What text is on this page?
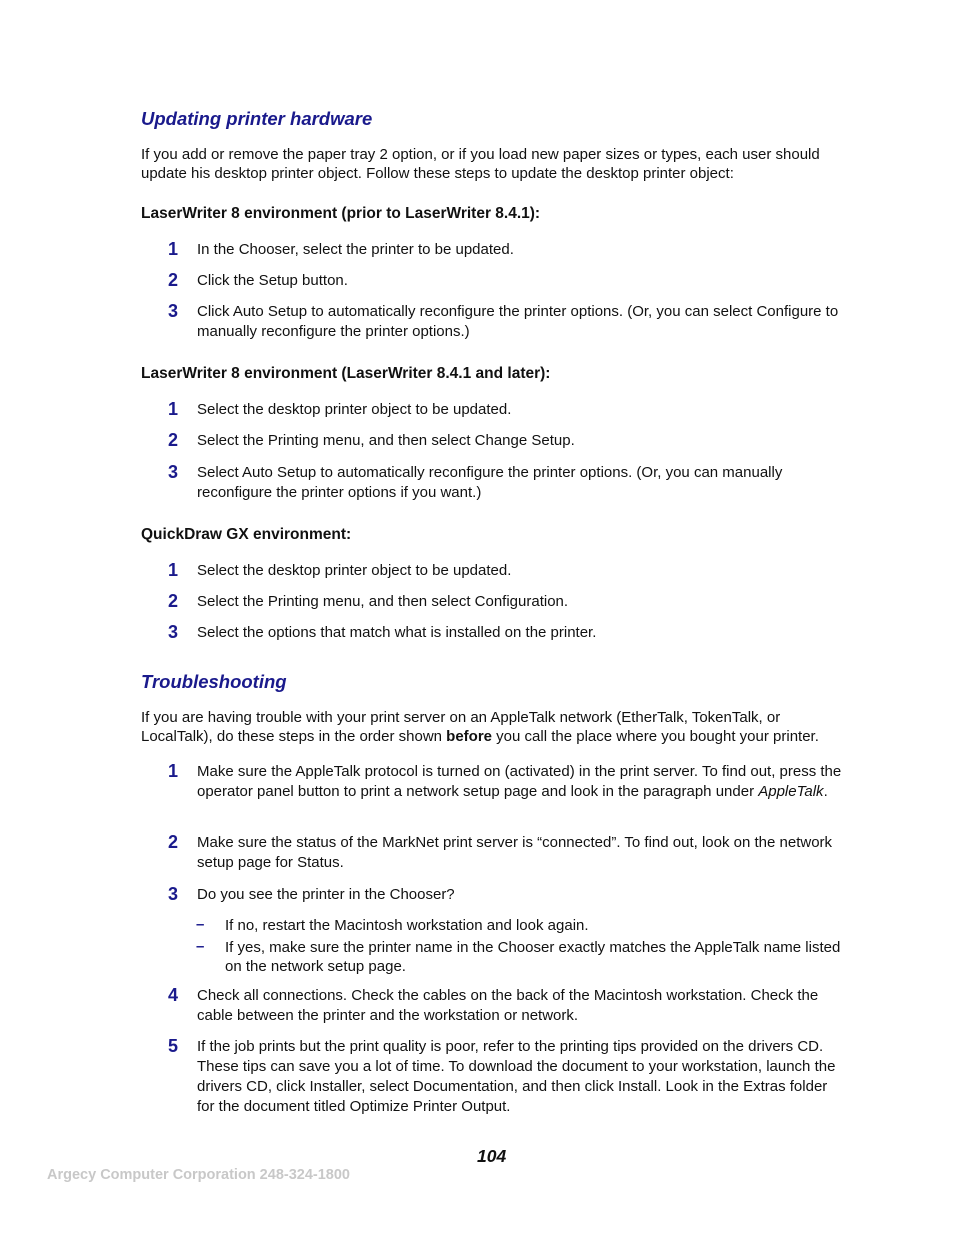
Updating printer hardware
If you add or remove the paper tray 2 option, or if you load new paper sizes or types, each user should update his desktop printer object. Follow these steps to update the desktop printer object:
LaserWriter 8 environment (prior to LaserWriter 8.4.1):
1	In the Chooser, select the printer to be updated.
2	Click the Setup button.
3	Click Auto Setup to automatically reconfigure the printer options. (Or, you can select Configure to manually reconfigure the printer options.)
LaserWriter 8 environment (LaserWriter 8.4.1 and later):
1	Select the desktop printer object to be updated.
2	Select the Printing menu, and then select Change Setup.
3	Select Auto Setup to automatically reconfigure the printer options. (Or, you can manually reconfigure the printer options if you want.)
QuickDraw GX environment:
1	Select the desktop printer object to be updated.
2	Select the Printing menu, and then select Configuration.
3	Select the options that match what is installed on the printer.
Troubleshooting
If you are having trouble with your print server on an AppleTalk network (EtherTalk, TokenTalk, or LocalTalk), do these steps in the order shown before you call the place where you bought your printer.
1	Make sure the AppleTalk protocol is turned on (activated) in the print server. To find out, press the operator panel button to print a network setup page and look in the paragraph under AppleTalk.
2	Make sure the status of the MarkNet print server is “connected”. To find out, look on the network setup page for Status.
3	Do you see the printer in the Chooser?
– If no, restart the Macintosh workstation and look again.
– If yes, make sure the printer name in the Chooser exactly matches the AppleTalk name listed on the network setup page.
4	Check all connections. Check the cables on the back of the Macintosh workstation. Check the cable between the printer and the workstation or network.
5	If the job prints but the print quality is poor, refer to the printing tips provided on the drivers CD. These tips can save you a lot of time. To download the document to your workstation, launch the drivers CD, click Installer, select Documentation, and then click Install. Look in the Extras folder for the document titled Optimize Printer Output.
104
Argecy Computer Corporation 248-324-1800
